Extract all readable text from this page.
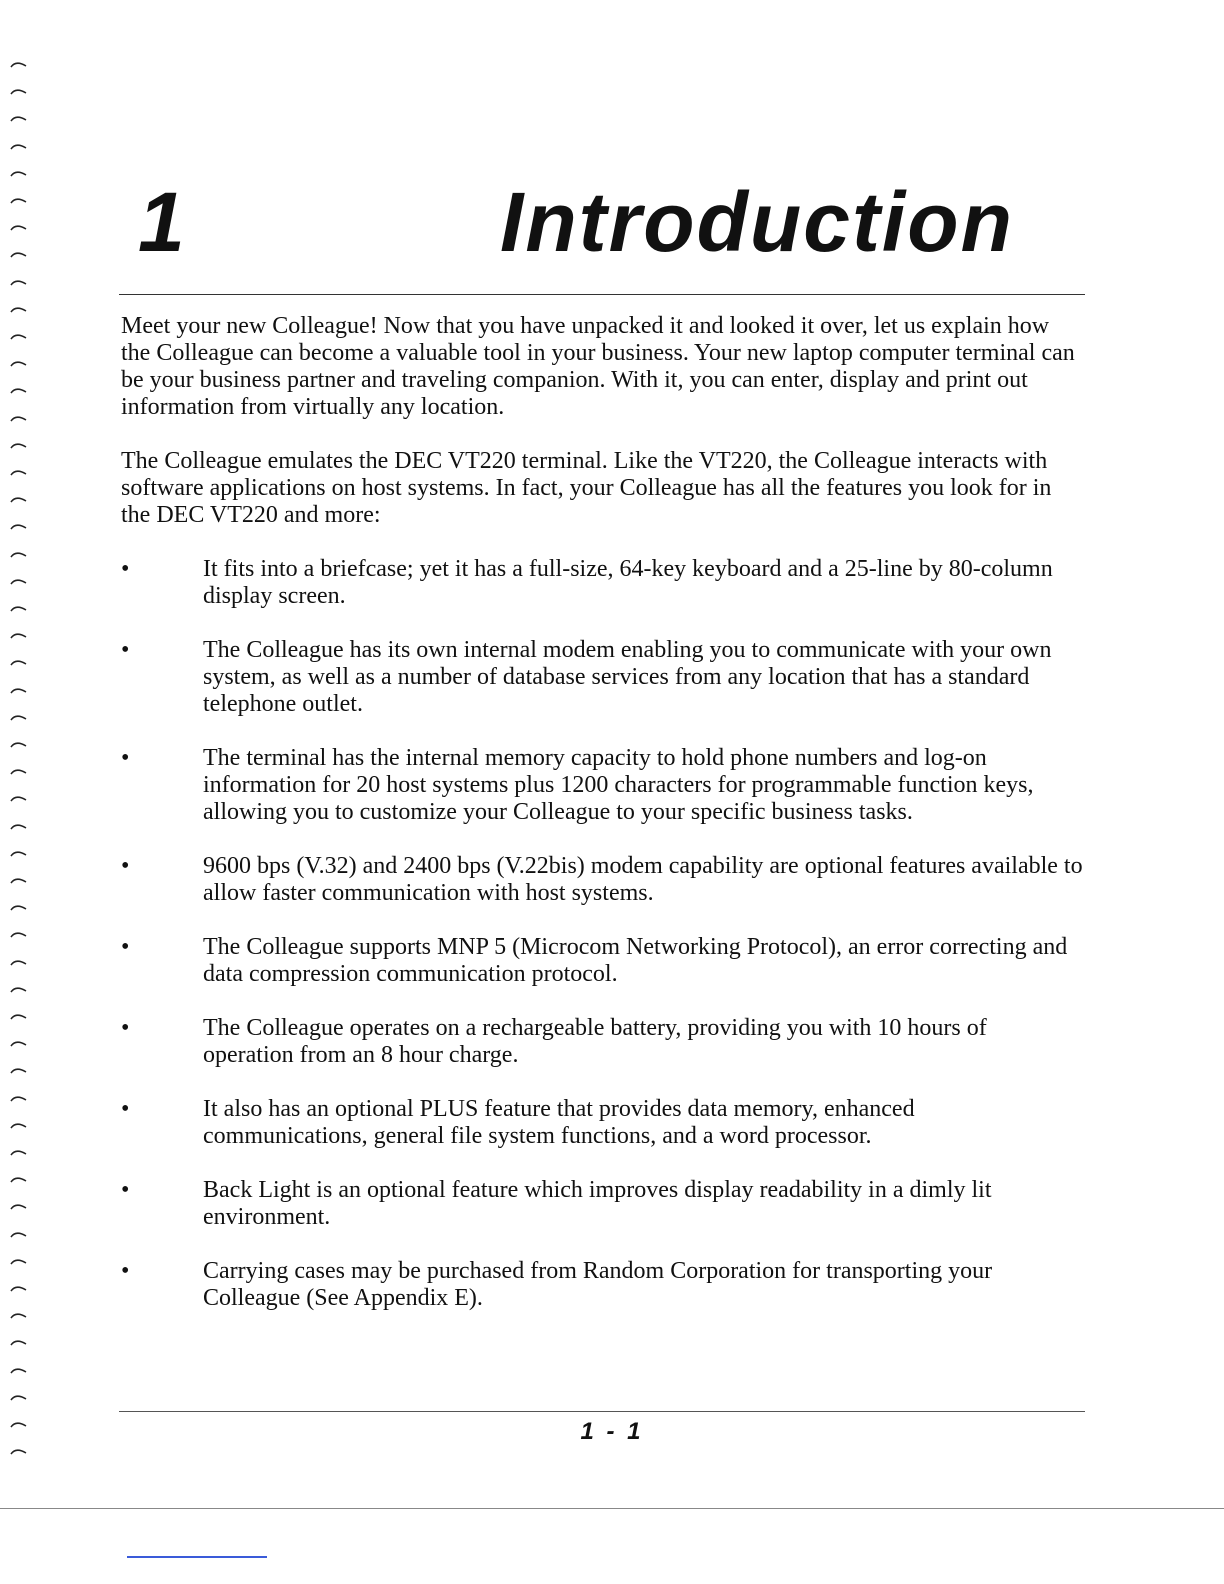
1	Introduction

Meet your new Colleague! Now that you have unpacked it and looked it over, let us explain how the Colleague can become a valuable tool in your business. Your new laptop computer terminal can be your business partner and traveling companion. With it, you can enter, display and print out information from virtually any location.

The Colleague emulates the DEC VT220 terminal. Like the VT220, the Colleague interacts with software applications on host systems. In fact, your Colleague has all the features you look for in the DEC VT220 and more:

•	It fits into a briefcase; yet it has a full-size, 64-key keyboard and a 25-line by 80-column display screen.
•	The Colleague has its own internal modem enabling you to communicate with your own system, as well as a number of database services from any location that has a standard telephone outlet.
•	The terminal has the internal memory capacity to hold phone numbers and log-on information for 20 host systems plus 1200 characters for programmable function keys, allowing you to customize your Colleague to your specific business tasks.
•	9600 bps (V.32) and 2400 bps (V.22bis) modem capability are optional features available to allow faster communication with host systems.
•	The Colleague supports MNP 5 (Microcom Networking Protocol), an error correcting and data compression communication protocol.
•	The Colleague operates on a rechargeable battery, providing you with 10 hours of operation from an 8 hour charge.
•	It also has an optional PLUS feature that provides data memory, enhanced communications, general file system functions, and a word processor.
•	Back Light is an optional feature which improves display readability in a dimly lit environment.
•	Carrying cases may be purchased from Random Corporation for transporting your Colleague (See Appendix E).
1 - 1
